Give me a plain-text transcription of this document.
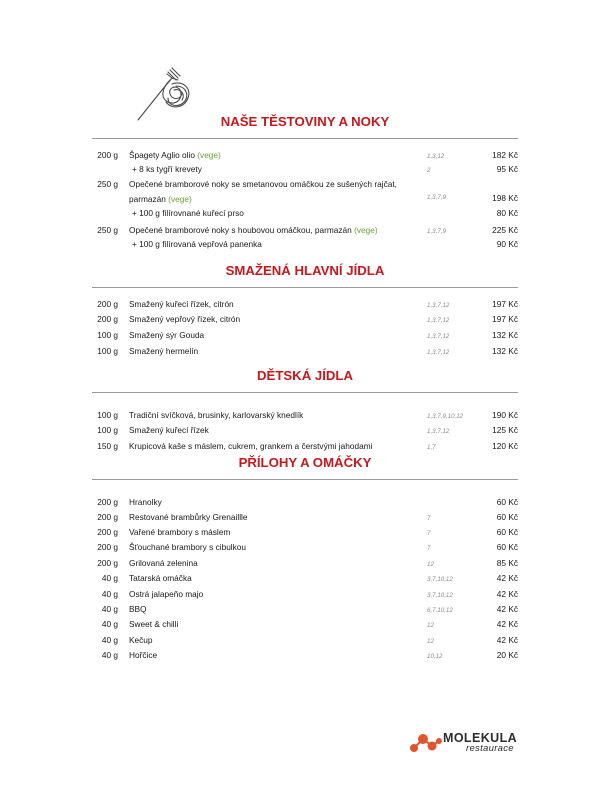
NAŠE TĚSTOVINY A NOKY
200 g Špagety Aglio olio (vege)	1,3,12	182 Kč
+ 8 ks tygří krevety	2	95 Kč
250 g Opečené bramborové noky se smetanovou omáčkou ze sušených rajčat, parmazán (vege)	1,3,7,9	198 Kč
+ 100 g filírovnané kuřecí prso	80 Kč
250 g Opečené bramborové noky s houbovou omáčkou, parmazán (vege)	1,3,7,9	225 Kč
+ 100 g filírovaná vepřová panenka	90 Kč
SMAŽENÁ HLAVNÍ JÍDLA
200 g Smažený kuřecí řízek, citrón	1,3,7,12	197 Kč
200 g Smažený vepřový řízek, citrón	1,3,7,12	197 Kč
100 g Smažený sýr Gouda	1,3,7,12	132 Kč
100 g Smažený hermelín	1,3,7,12	132 Kč
DĚTSKÁ JÍDLA
100 g Tradiční svíčková, brusinky, karlovarský knedlík	1,3,7,9,10,12	190 Kč
100 g Smažený kuřecí řízek	1,3,7,12	125 Kč
150 g Krupicová kaše s máslem, cukrem, grankem a čerstvými jahodami	1,7	120 Kč
PŘÍLOHY A OMÁČKY
200 g Hranolky	60 Kč
200 g Restované brambůrky Grenaillle	7	60 Kč
200 g Vařené brambory s máslem	7	60 Kč
200 g Šťouchané brambory s cibulkou	7	60 Kč
200 g Grilovaná zelenina	12	85 Kč
40 g Tatarská omáčka	3,7,10,12	42 Kč
40 g Ostrá jalapeňo majo	3,7,10,12	42 Kč
40 g BBQ	6,7,10,12	42 Kč
40 g Sweet & chilli	12	42 Kč
40 g Kečup	12	42 Kč
40 g Hořčice	10,12	20 Kč
MOLEKULA
restaurace
